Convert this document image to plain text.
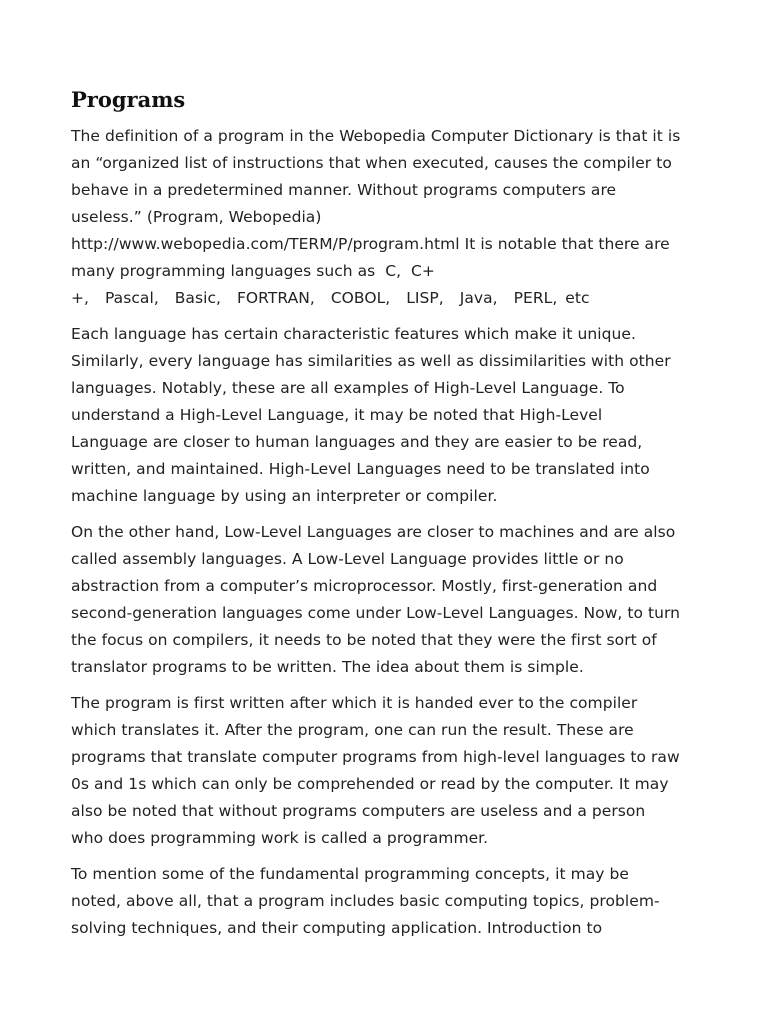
Programs

The definition of a program in the Webopedia Computer Dictionary is that it is
an “organized list of instructions that when executed, causes the compiler to
behave in a predetermined manner. Without programs computers are
useless.” (Program, Webopedia)
http://www.webopedia.com/TERM/P/program.html It is notable that there are
many programming languages such as  C,  C+
+,  Pascal,  Basic,  FORTRAN,  COBOL,  LISP,  Java,  PERL, etc

Each language has certain characteristic features which make it unique.
Similarly, every language has similarities as well as dissimilarities with other
languages. Notably, these are all examples of High-Level Language. To
understand a High-Level Language, it may be noted that High-Level
Language are closer to human languages and they are easier to be read,
written, and maintained. High-Level Languages need to be translated into
machine language by using an interpreter or compiler.

On the other hand, Low-Level Languages are closer to machines and are also
called assembly languages. A Low-Level Language provides little or no
abstraction from a computer’s microprocessor. Mostly, first-generation and
second-generation languages come under Low-Level Languages. Now, to turn
the focus on compilers, it needs to be noted that they were the first sort of
translator programs to be written. The idea about them is simple.

The program is first written after which it is handed ever to the compiler
which translates it. After the program, one can run the result. These are
programs that translate computer programs from high-level languages to raw
0s and 1s which can only be comprehended or read by the computer. It may
also be noted that without programs computers are useless and a person
who does programming work is called a programmer.

To mention some of the fundamental programming concepts, it may be
noted, above all, that a program includes basic computing topics, problem-
solving techniques, and their computing application. Introduction to
